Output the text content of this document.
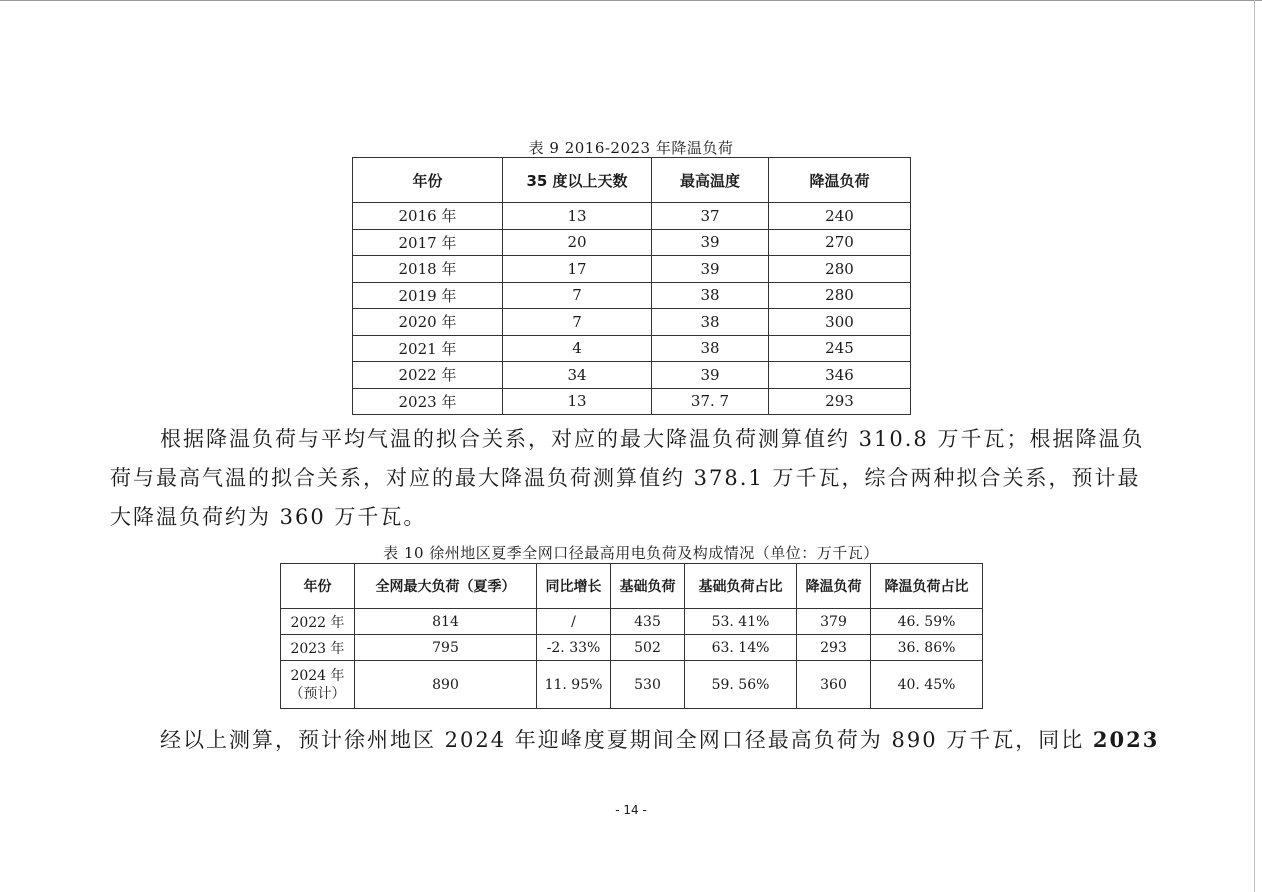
表 9 2016-2023 年降温负荷
年份	35 度以上天数	最高温度	降温负荷
2016 年	13	37	240
2017 年	20	39	270
2018 年	17	39	280
2019 年	7	38	280
2020 年	7	38	300
2021 年	4	38	245
2022 年	34	39	346
2023 年	13	37. 7	293
根据降温负荷与平均气温的拟合关系，对应的最大降温负荷测算值约 310.8 万千瓦；根据降温负
荷与最高气温的拟合关系，对应的最大降温负荷测算值约 378.1 万千瓦，综合两种拟合关系，预计最
大降温负荷约为 360 万千瓦。
表 10 徐州地区夏季全网口径最高用电负荷及构成情况（单位：万千瓦）
年份	全网最大负荷（夏季）	同比增长	基础负荷	基础负荷占比	降温负荷	降温负荷占比
2022 年	814	/	435	53. 41%	379	46. 59%
2023 年	795	-2. 33%	502	63. 14%	293	36. 86%

2024 年
（预计）	890	11. 95%	530	59. 56%	360	40. 45%
经以上测算，预计徐州地区 2024 年迎峰度夏期间全网口径最高负荷为 890 万千瓦，同比 2023
- 14 -
